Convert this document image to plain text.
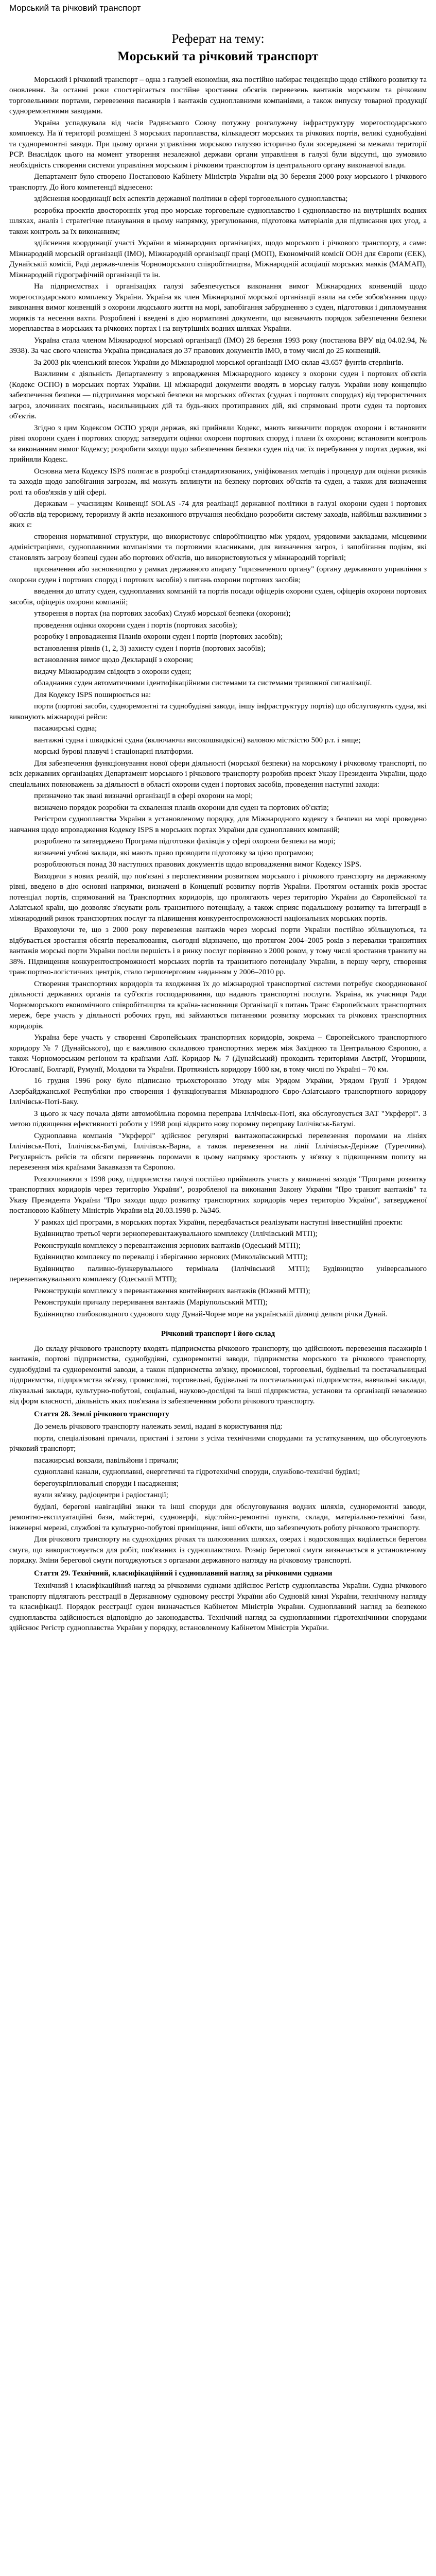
Морський та річковий транспорт
Реферат на тему:
Морський та річковий транспорт
Морський і річковий транспорт – одна з галузей економіки, яка постійно набирає тенденцію щодо стійкого розвитку та оновлення. За останні роки спостерігається постійне зростання обсягів перевезень вантажів морським та річковим торговельними портами, перевезення пасажирів і вантажів судноплавними компаніями, а також випуску товарної продукції судноремонтними заводами.
Україна успадкувала від часів Радянського Союзу потужну розгалужену інфраструктуру морегосподарського комплексу. На її території розміщені 3 морських пароплавства, кількадесят морських та річкових портів, великі суднобудівні та судноремонтні заводи. При цьому органи управління морською галуззю історично були зосереджені за межами території РСР. Внаслідок цього на момент утворення незалежної держави органи управління в галузі були відсутні, що зумовило необхідність створення системи управління морським і річковим транспортом із центрального органу виконавчої влади.
Департамент було створено Постановою Кабінету Міністрів України від 30 березня 2000 року морського і річкового транспорту. До його компетенції віднесено:
здійснення координації всіх аспектів державної політики в сфері торговельного судноплавства;
розробка проектів двосторонніх угод про морське торговельне судноплавство і судноплавство на внутрішніх водних шляхах, аналіз і стратегічне планування в цьому напрямку, урегулювання, підготовка матеріалів для підписання цих угод, а також контроль за їх виконанням;
здійснення координації участі України в міжнародних організаціях, щодо морського і річкового транспорту, а саме: Міжнародній морській організації (ІМО), Міжнародній організації праці (МОП), Економічній комісії ООН для Європи (ЄЕК), Дунайській комісії, Раді держав-членів Чорноморського співробітництва, Міжнародній асоціації морських маяків (МАМАП), Міжнародній гідрографічній організації та ін.
На підприємствах і організаціях галузі забезпечується виконання вимог Міжнародних конвенцій щодо морегосподарського комплексу України. Україна як член Міжнародної морської організації взяла на себе зобов'язання щодо виконання вимог конвенцій з охорони людського життя на морі, запобігання забрудненню з суден, підготовки і дипломування моряків та несення вахти. Розроблені і введені в дію нормативні документи, що визначають порядок забезпечення безпеки мореплавства в морських та річкових портах і на внутрішніх водних шляхах України.
Україна стала членом Міжнародної морської організації (ІМО) 28 березня 1993 року (постанова ВРУ від 04.02.94, № 3938). За час свого членства Україна приєдналася до 37 правових документів ІМО, в тому числі до 25 конвенцій.
За 2003 рік членський внесок України до Міжнародної морської організації ІМО склав 43.657 фунтів стерлінгів.
Важливим є діяльність Департаменту з впровадження Міжнародного кодексу з охорони суден і портових об'єктів (Кодекс ОСПО) в морських портах України. Ці міжнародні документи вводять в морську галузь України нову концепцію забезпечення безпеки — підтримання морської безпеки на морських об'єктах (суднах і портових спорудах) від терористичних загроз, злочинних посягань, насильницьких дій та будь-яких протиправних дій, які спрямовані проти суден та портових об'єктів.
Згідно з цим Кодексом ОСПО уряди держав, які прийняли Кодекс, мають визначити порядок охорони і встановити рівні охорони суден і портових споруд; затвердити оцінки охорони портових споруд і плани їх охорони; встановити контроль за виконанням вимог Кодексу; розробити заходи щодо забезпечення безпеки суден під час їх перебування у портах держав, які прийняли Кодекс.
Основна мета Кодексу ISPS полягає в розробці стандартизованих, уніфікованих методів і процедур для оцінки ризиків та заходів щодо запобігання загрозам, які можуть вплинути на безпеку портових об'єктів та суден, а також для визначення ролі та обов'язків у цій сфері.
Державам – учасницям Конвенції SOLAS -74 для реалізації державної політики в галузі охорони суден і портових об'єктів від тероризму, тероризму й актів незаконного втручання необхідно розробити систему заходів, найбільш важливими з яких є:
створення нормативної структури, що використовує співробітництво між урядом, урядовими закладами, місцевими адміністраціями, судноплавними компаніями та портовими власниками, для визначення загроз, і запобігання подіям, які становлять загрозу безпеці суден або портових об'єктів, що використовуються у міжнародній торгівлі;
призначення або засновництво у рамках державного апарату "призначеного органу" (органу державного управління з охорони суден і портових споруд і портових засобів) з питань охорони портових засобів;
введення до штату суден, судноплавних компаній та портів посади офіцерів охорони суден, офіцерів охорони портових засобів, офіцерів охорони компаній;
утворення в портах (на портових засобах) Служб морської безпеки (охорони);
проведення оцінки охорони суден і портів (портових засобів);
розробку і впровадження Планів охорони суден і портів (портових засобів);
встановлення рівнів (1, 2, 3) захисту суден і портів (портових засобів);
встановлення вимог щодо Декларації з охорони;
видачу Міжнародним свідоцтв з охорони суден;
обладнання суден автоматичними ідентифікаційними системами та системами тривожної сигналізації.
Для Кодексу ISPS поширюється на:
порти (портові засоби, судноремонтні та суднобудівні заводи, іншу інфраструктуру портів) що обслуговують судна, які виконують міжнародні рейси:
пасажирські судна;
вантажні судна і швидкісні судна (включаючи високошвидкісні) валовою місткістю 500 р.т. і вище;
морські бурові плавучі і стаціонарні платформи.
Для забезпечення функціонування нової сфери діяльності (морської безпеки) на морському і річковому транспорті, по всіх державних організаціях Департамент морського і річкового транспорту розробив проект Указу Президента України, щодо спеціальних повноважень за діяльності в області охорони суден і портових засобів, проведення наступні заходи:
призначено так звані визначні організації в сфері охорони на морі;
визначено порядок розробки та схвалення планів охорони для суден та портових об'єктів;
Регістром судноплавства України в установленому порядку, для Міжнародного кодексу з безпеки на морі проведено навчання щодо впровадження Кодексу ISPS в морських портах України для судноплавних компаній;
розроблено та затверджено Програма підготовки фахівців у сфері охорони безпеки на морі;
визначені учбові заклади, які мають право проводити підготовку за цією програмою;
розроблюються понад 30 наступних правових документів щодо впровадження вимог Кодексу ISPS.
Виходячи з нових реалій, що пов'язані з перспективним розвитком морського і річкового транспорту на державному рівні, введено в дію основні напрямки, визначені в Концепції розвитку портів України. Протягом останніх років зростає потенціал портів, спрямований на Транспортних коридорів, що пролягають через територію України до Європейської та Азіатської країн, що дозволяє з'ясувати роль транзитного потенціалу, а також сприяє подальшому розвитку та інтеграції в міжнародний ринок транспортних послуг та підвищення конкурентоспроможності національних морських портів.
Враховуючи те, що з 2000 року перевезення вантажів через морські порти України постійно збільшуються, та відбувається зростання обсягів перевалювання, сьогодні відзначено, що протягом 2004–2005 років з перевалки транзитних вантажів морські порти України посіли першість і в ринку послуг порівняно з 2000 роком, у тому числі зростання транзиту на 38%. Підвищення конкурентоспроможності морських портів та транзитного потенціалу України, в першу чергу, створення транспортно-логістичних центрів, стало першочерговим завданням у 2006–2010 рр.
Створення транспортних коридорів та входження їх до міжнародної транспортної системи потребує скоординованої діяльності державних органів та суб'єктів господарювання, що надають транспортні послуги. Україна, як учасниця Ради Чорноморського економічного співробітництва та країна-засновниця Організації з питань Транс Європейських транспортних мереж, бере участь у діяльності робочих груп, які займаються питаннями розвитку морських та річкових транспортних коридорів.
Україна бере участь у створенні Європейських транспортних коридорів, зокрема – Європейського транспортного коридору № 7 (Дунайського), що є важливою складовою транспортних мереж між Західною та Центральною Європою, а також Чорноморським регіоном та країнами Азії. Коридор № 7 (Дунайський) проходить територіями Австрії, Угорщини, Югославії, Болгарії, Румунії, Молдови та України. Протяжність коридору 1600 км, в тому числі по Україні – 70 км.
16 грудня 1996 року було підписано трьохсторонню Угоду між Урядом України, Урядом Грузії і Урядом Азербайджанської Республіки про створення і функціонування Міжнародного Євро-Азіатського транспортного коридору Іллічівськ-Поті-Баку.
З цього ж часу почала діяти автомобільна поромна переправа Іллічівськ-Поті, яка обслуговується ЗАТ "Укрферрі". З метою підвищення ефективності роботи у 1998 році відкрито нову поромну переправу Іллічівськ-Батумі.
Судноплавна компанія "Укрферрі" здійснює регулярні вантажопасажирські перевезення поромами на лініях Іллічівськ-Поті, Іллічівськ-Батумі, Іллічівськ-Варна, а також перевезення на лінії Іллічівськ-Дерінже (Туреччина). Регулярність рейсів та обсяги перевезень поромами в цьому напрямку зростають у зв'язку з підвищенням попиту на перевезення між країнами Закавказзя та Європою.
Розпочинаючи з 1998 року, підприємства галузі постійно приймають участь у виконанні заходів "Програми розвитку транспортних коридорів через територію України", розробленої на виконання Закону України "Про транзит вантажів" та Указу Президента України "Про заходи щодо розвитку транспортних коридорів через територію України", затвердженої постановою Кабінету Міністрів України від 20.03.1998 р. №346.
У рамках цієї програми, в морських портах України, передбачається реалізувати наступні інвестиційні проекти:
Будівництво третьої черги зерноперевантажувального комплексу (Іллічівський МТП);
Реконструкція комплексу з перевантаження зернових вантажів (Одеський МТП);
Будівництво комплексу по перевалці і зберіганню зернових (Миколаївський МТП);
Будівництво паливно-бункерувального термінала (Іллічівський МТП); Будівництво універсального перевантажувального комплексу (Одеський МТП);
Реконструкція комплексу з перевантаження контейнерних вантажів (Южний МТП);
Реконструкція причалу переривання вантажів (Маріупольський МТП);
Будівництво глибоководного суднового ходу Дунай-Чорне море на українській ділянці дельти річки Дунай.
Річковий транспорт і його склад
До складу річкового транспорту входять підприємства річкового транспорту, що здійснюють перевезення пасажирів і вантажів, портові підприємства, суднобудівні, судноремонтні заводи, підприємства морського та річкового транспорту, суднобудівні та судноремонтні заводи, а також підприємства зв'язку, промислові, торговельні, будівельні та постачальницькі підприємства, підприємства зв'язку, промислові, торговельні, будівельні та постачальницькі підприємства, навчальні заклади, лікувальні заклади, культурно-побутові, соціальні, науково-дослідні та інші підприємства, установи та організації незалежно від форм власності, діяльність яких пов'язана із забезпеченням роботи річкового транспорту.
Стаття 28. Землі річкового транспорту
До земель річкового транспорту належать землі, надані в користування під:
порти, спеціалізовані причали, пристані і затони з усіма технічними спорудами та устаткуванням, що обслуговують річковий транспорт;
пасажирські вокзали, павільйони і причали;
судноплавні канали, судноплавні, енергетичні та гідротехнічні споруди, службово-технічні будівлі;
берегоукріплювальні споруди і насадження;
вузли зв'язку, радіоцентри і радіостанції;
будівлі, берегові навігаційні знаки та інші споруди для обслуговування водних шляхів, судноремонтні заводи, ремонтно-експлуатаційні бази, майстерні, судноверфі, відстойно-ремонтні пункти, склади, матеріально-технічні бази, інженерні мережі, службові та культурно-побутові приміщення, інші об'єкти, що забезпечують роботу річкового транспорту.
Для річкового транспорту на суднохідних річках та шлюзованих шляхах, озерах і водосховищах виділяється берегова смуга, що використовується для робіт, пов'язаних із судноплавством. Розмір берегової смуги визначається в установленому порядку. Зміни берегової смуги погоджуються з органами державного нагляду на річковому транспорті.
Стаття 29. Технічний, класифікаційний і судноплавний нагляд за річковими суднами
Технічний і класифікаційний нагляд за річковими суднами здійснює Регістр судноплавства України. Судна річкового транспорту підлягають реєстрації в Державному судновому реєстрі України або Судновій книзі України, технічному нагляду та класифікації. Порядок реєстрації суден визначається Кабінетом Міністрів України. Судноплавний нагляд за безпекою судноплавства здійснюється відповідно до законодавства. Технічний нагляд за судноплавними гідротехнічними спорудами здійснює Регістр судноплавства України у порядку, встановленому Кабінетом Міністрів України.
